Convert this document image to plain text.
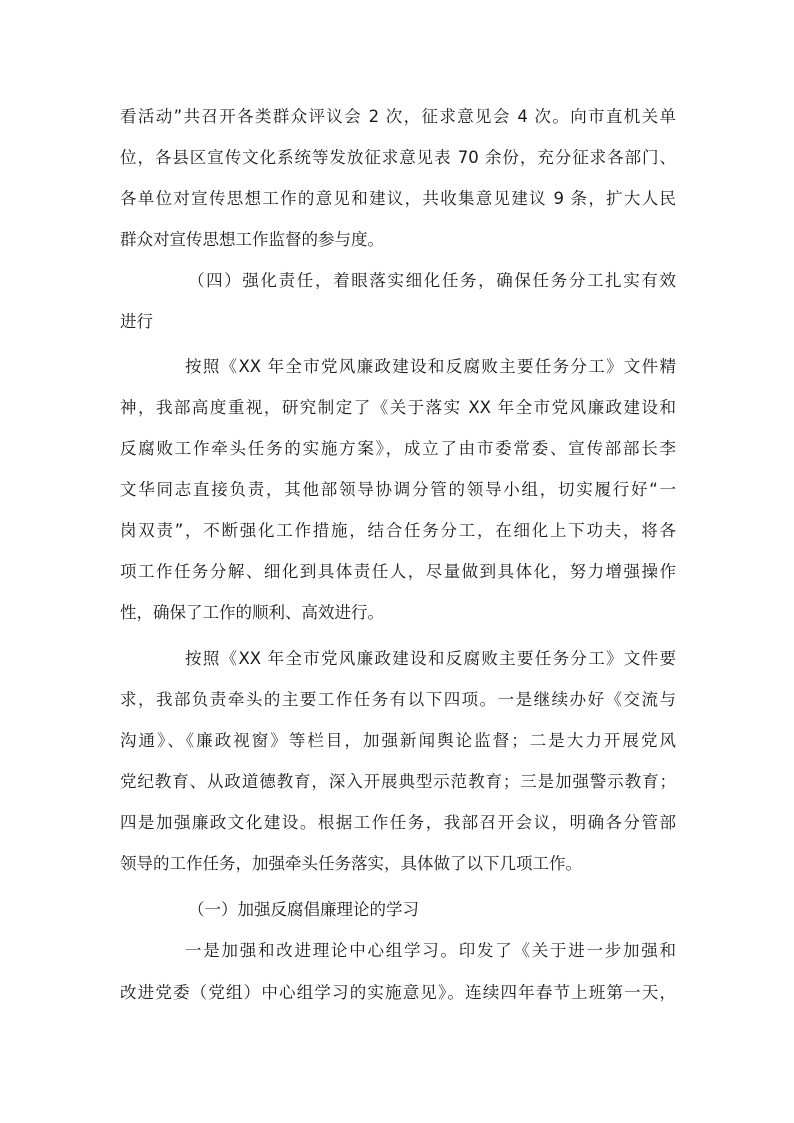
看活动”共召开各类群众评议会 2 次，征求意见会 4 次。向市直机关单
位，各县区宣传文化系统等发放征求意见表 70 余份，充分征求各部门、
各单位对宣传思想工作的意见和建议，共收集意见建议 9 条，扩大人民
群众对宣传思想工作监督的参与度。
（四）强化责任，着眼落实细化任务，确保任务分工扎实有效
进行
按照《XX 年全市党风廉政建设和反腐败主要任务分工》文件精
神，我部高度重视，研究制定了《关于落实 XX 年全市党风廉政建设和
反腐败工作牵头任务的实施方案》，成立了由市委常委、宣传部部长李
文华同志直接负责，其他部领导协调分管的领导小组，切实履行好“一
岗双责”，不断强化工作措施，结合任务分工，在细化上下功夫，将各
项工作任务分解、细化到具体责任人，尽量做到具体化，努力增强操作
性，确保了工作的顺利、高效进行。
按照《XX 年全市党风廉政建设和反腐败主要任务分工》文件要
求，我部负责牵头的主要工作任务有以下四项。一是继续办好《交流与
沟通》、《廉政视窗》等栏目，加强新闻舆论监督；二是大力开展党风
党纪教育、从政道德教育，深入开展典型示范教育；三是加强警示教育；
四是加强廉政文化建设。根据工作任务，我部召开会议，明确各分管部
领导的工作任务，加强牵头任务落实，具体做了以下几项工作。
（一）加强反腐倡廉理论的学习
一是加强和改进理论中心组学习。印发了《关于进一步加强和
改进党委（党组）中心组学习的实施意见》。连续四年春节上班第一天，
